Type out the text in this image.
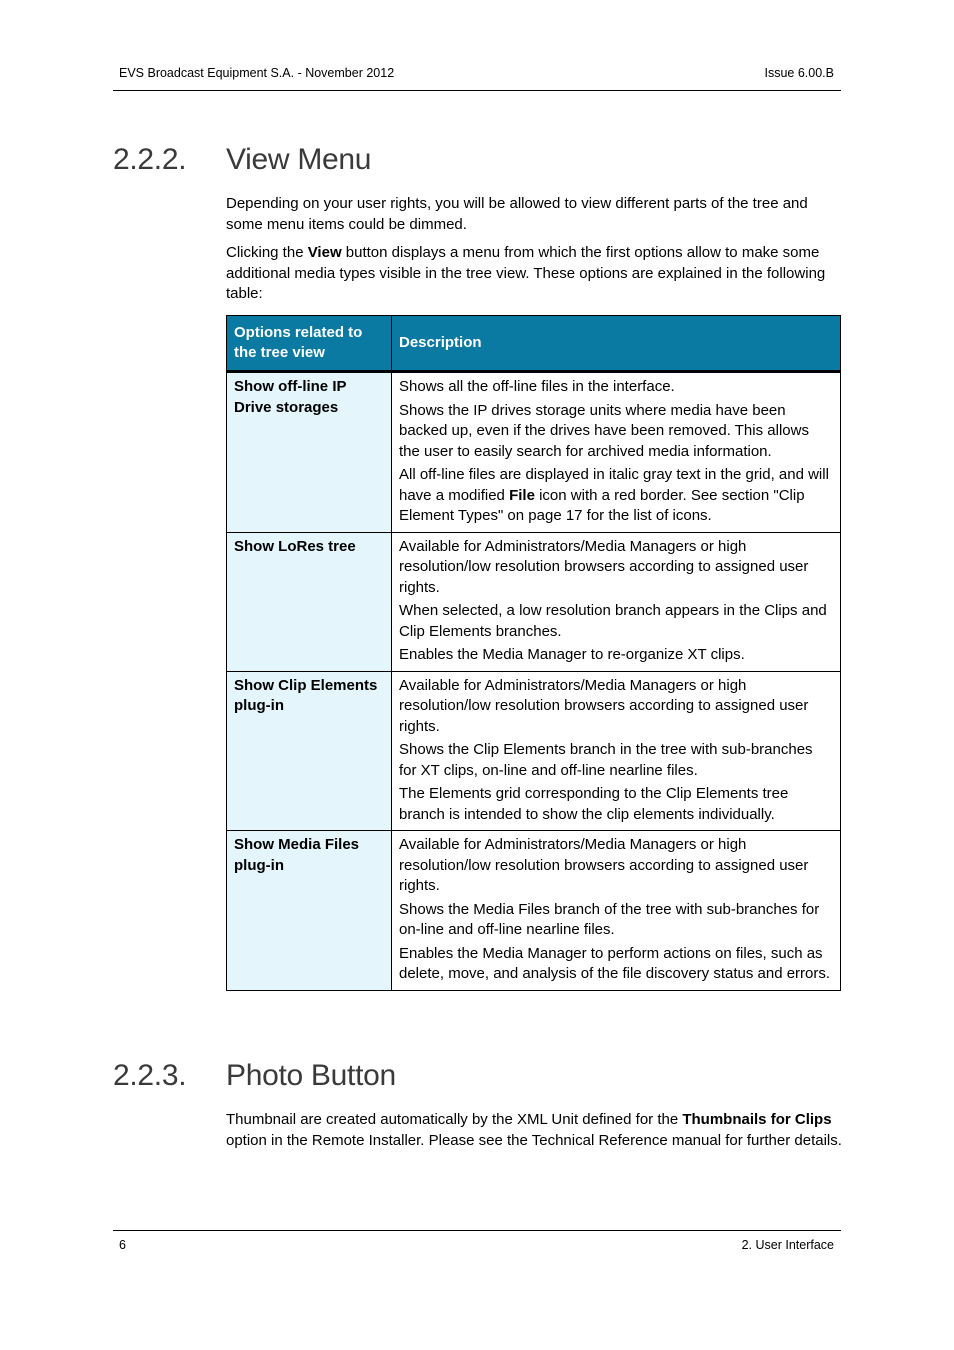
EVS Broadcast Equipment S.A. - November 2012	Issue 6.00.B
2.2.2. View Menu

Depending on your user rights, you will be allowed to view different parts of the tree and some menu items could be dimmed.

Clicking the View button displays a menu from which the first options allow to make some additional media types visible in the tree view. These options are explained in the following table:

Options related to the tree view	Description
Show off-line IP Drive storages	Shows all the off-line files in the interface.

Shows the IP drives storage units where media have been backed up, even if the drives have been removed. This allows the user to easily search for archived media information.

All off-line files are displayed in italic gray text in the grid, and will have a modified File icon with a red border. See section "Clip Element Types" on page 17 for the list of icons.

Show LoRes tree	Available for Administrators/Media Managers or high resolution/low resolution browsers according to assigned user rights.

When selected, a low resolution branch appears in the Clips and Clip Elements branches.

Enables the Media Manager to re-organize XT clips.

Show Clip Elements plug-in	Available for Administrators/Media Managers or high resolution/low resolution browsers according to assigned user rights.

Shows the Clip Elements branch in the tree with sub-branches for XT clips, on-line and off-line nearline files.

The Elements grid corresponding to the Clip Elements tree branch is intended to show the clip elements individually.

Show Media Files plug-in	Available for Administrators/Media Managers or high resolution/low resolution browsers according to assigned user rights.

Shows the Media Files branch of the tree with sub-branches for on-line and off-line nearline files.

Enables the Media Manager to perform actions on files, such as delete, move, and analysis of the file discovery status and errors.

2.2.3. Photo Button

Thumbnail are created automatically by the XML Unit defined for the Thumbnails for Clips option in the Remote Installer. Please see the Technical Reference manual for further details.

6	2. User Interface
